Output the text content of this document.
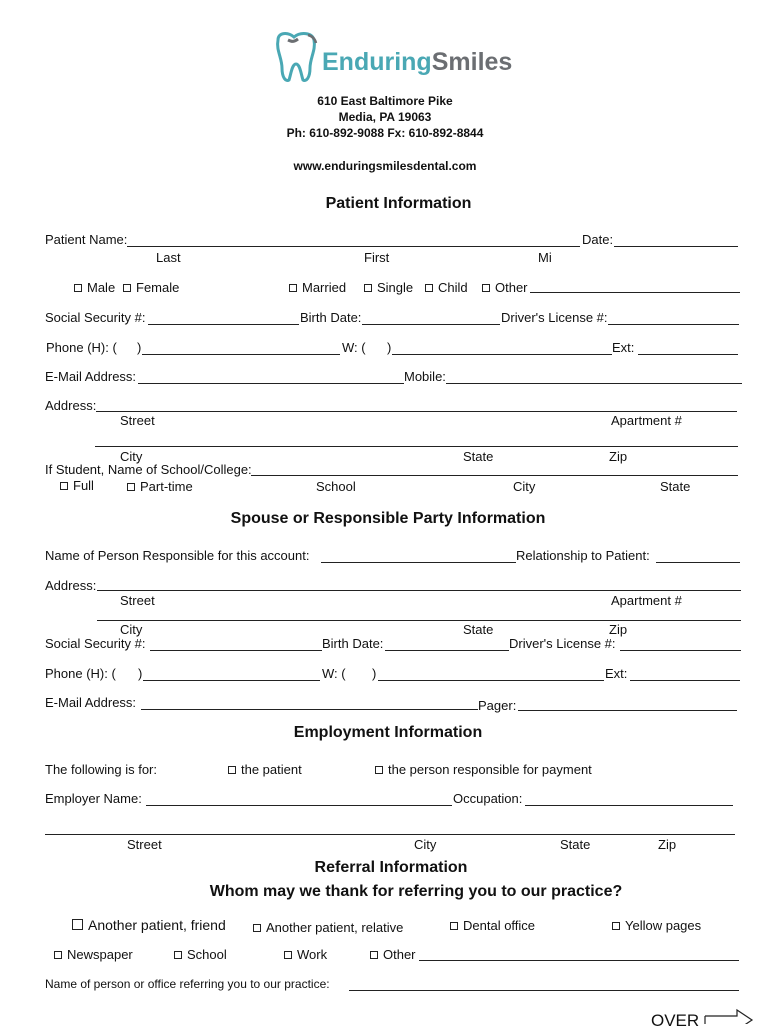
EnduringSmiles
610 East Baltimore Pike
Media, PA 19063
Ph: 610-892-9088 Fx: 610-892-8844
www.enduringsmilesdental.com
Patient Information
Patient Name:	Date:
Last	First	Mi
Male	Female	Married	Single	Child	Other
Social Security #:	Birth Date:	Driver's License #:
Phone (H): ( )	W: ( )	Ext:
E-Mail Address:	Mobile:
Address:
Street	Apartment #
City	State	Zip
If Student, Name of School/College:
Full	Part-time	School	City	State
Spouse or Responsible Party Information
Name of Person Responsible for this account:	Relationship to Patient:
Address:
Street	Apartment #
City	State	Zip
Social Security #:	Birth Date:	Driver's License #:
Phone (H): ( )	W: ( )	Ext:
E-Mail Address:	Pager:
Employment Information
The following is for:	the patient	the person responsible for payment
Employer Name:	Occupation:
Street	City	State	Zip
Referral Information
Whom may we thank for referring you to our practice?
Another patient, friend	Another patient, relative	Dental office	Yellow pages
Newspaper	School	Work	Other
Name of person or office referring you to our practice:
OVER
